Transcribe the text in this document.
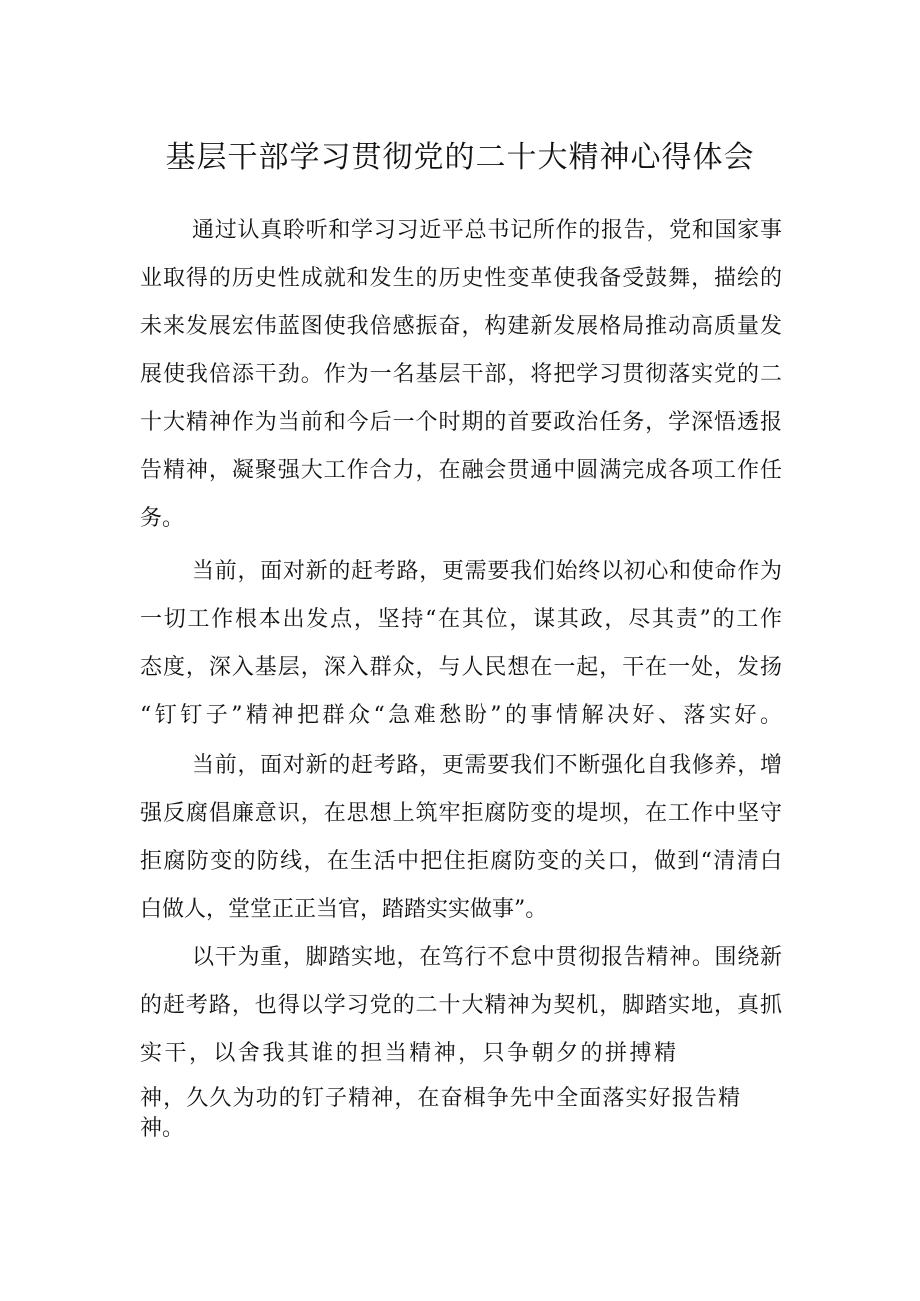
基层干部学习贯彻党的二十大精神心得体会

通过认真聆听和学习习近平总书记所作的报告，党和国家事

业取得的历史性成就和发生的历史性变革使我备受鼓舞，描绘的

未来发展宏伟蓝图使我倍感振奋，构建新发展格局推动高质量发

展使我倍添干劲。作为一名基层干部，将把学习贯彻落实党的二

十大精神作为当前和今后一个时期的首要政治任务，学深悟透报

告精神，凝聚强大工作合力，在融会贯通中圆满完成各项工作任

务。

当前，面对新的赶考路，更需要我们始终以初心和使命作为

一切工作根本出发点，坚持“在其位，谋其政，尽其责”的工作

态度，深入基层，深入群众，与人民想在一起，干在一处，发扬

“钉钉子”精神把群众“急难愁盼”的事情解决好、落实好。

当前，面对新的赶考路，更需要我们不断强化自我修养，增

强反腐倡廉意识，在思想上筑牢拒腐防变的堤坝，在工作中坚守

拒腐防变的防线，在生活中把住拒腐防变的关口，做到“清清白

白做人，堂堂正正当官，踏踏实实做事”。

以干为重，脚踏实地，在笃行不怠中贯彻报告精神。围绕新

的赶考路，也得以学习党的二十大精神为契机，脚踏实地，真抓

实干，以舍我其谁的担当精神，只争朝夕的拼搏精

神，久久为功的钉子精神，在奋楫争先中全面落实好报告精

神。
